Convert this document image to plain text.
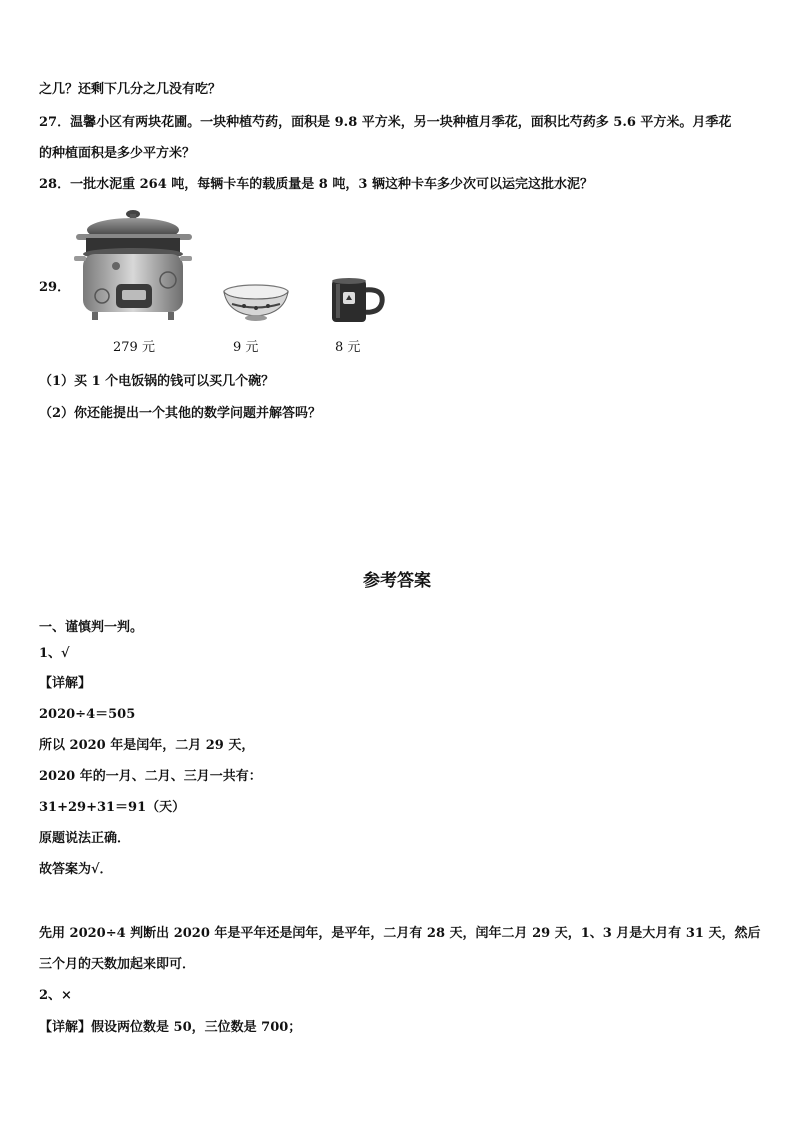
之几？还剩下几分之几没有吃？
27．温馨小区有两块花圃。一块种植芍药，面积是 9.8 平方米，另一块种植月季花，面积比芍药多 5.6 平方米。月季花
的种植面积是多少平方米？
28．一批水泥重 264 吨，每辆卡车的载质量是 8 吨，3 辆这种卡车多少次可以运完这批水泥？
29．
279 元	9 元	8 元
（1）买 1 个电饭锅的钱可以买几个碗？
（2）你还能提出一个其他的数学问题并解答吗？
参考答案
一、谨慎判一判。
1、√
【详解】
2020÷4＝505
所以 2020 年是闰年，二月 29 天，
2020 年的一月、二月、三月一共有：
31+29+31＝91（天）
原题说法正确．
故答案为√．
先用 2020÷4 判断出 2020 年是平年还是闰年，是平年，二月有 28 天，闰年二月 29 天，1、3 月是大月有 31 天，然后
三个月的天数加起来即可．
2、×
【详解】假设两位数是 50，三位数是 700；
